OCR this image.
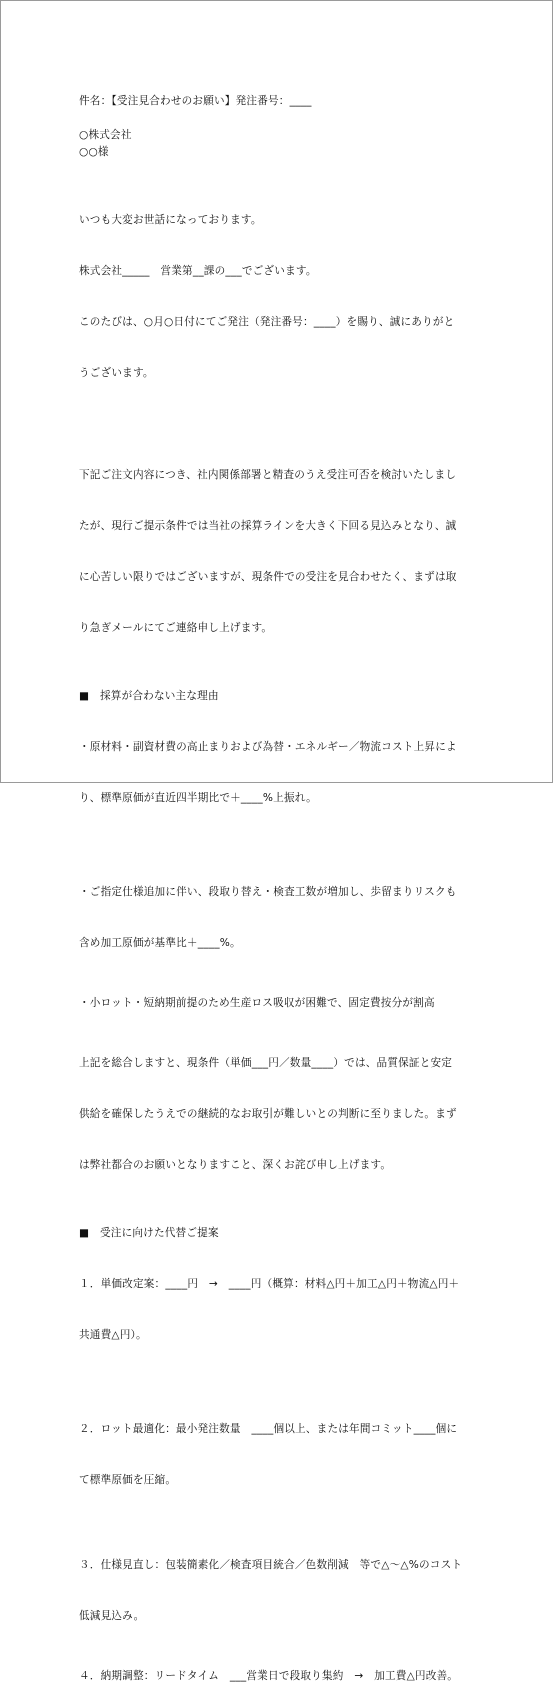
件名：【受注見合わせのお願い】発注番号：____

○株式会社

○○様

いつも大変お世話になっております。

株式会社_____　営業第__課の___でございます。

このたびは、○月○日付にてご発注（発注番号：____）を賜り、誠にありがと

うございます。

下記ご注文内容につき、社内関係部署と精査のうえ受注可否を検討いたしまし

たが、現行ご提示条件では当社の採算ラインを大きく下回る見込みとなり、誠

に心苦しい限りではございますが、現条件での受注を見合わせたく、まずは取

り急ぎメールにてご連絡申し上げます。

■　採算が合わない主な理由

・原材料・副資材費の高止まりおよび為替・エネルギー／物流コスト上昇によ

り、標準原価が直近四半期比で＋____%上振れ。

・ご指定仕様追加に伴い、段取り替え・検査工数が増加し、歩留まりリスクも

含め加工原価が基準比＋____%。

・小ロット・短納期前提のため生産ロス吸収が困難で、固定費按分が割高

上記を総合しますと、現条件（単価___円／数量____）では、品質保証と安定

供給を確保したうえでの継続的なお取引が難しいとの判断に至りました。まず

は弊社都合のお願いとなりますこと、深くお詫び申し上げます。

■　受注に向けた代替ご提案

１．単価改定案：____円　→　____円（概算：材料△円＋加工△円＋物流△円＋

共通費△円）。

２．ロット最適化：最小発注数量　____個以上、または年間コミット____個に

て標準原価を圧縮。

３．仕様見直し：包装簡素化／検査項目統合／色数削減　等で△～△%のコスト

低減見込み。

４．納期調整：リードタイム　___営業日で段取り集約　→　加工費△円改善。
